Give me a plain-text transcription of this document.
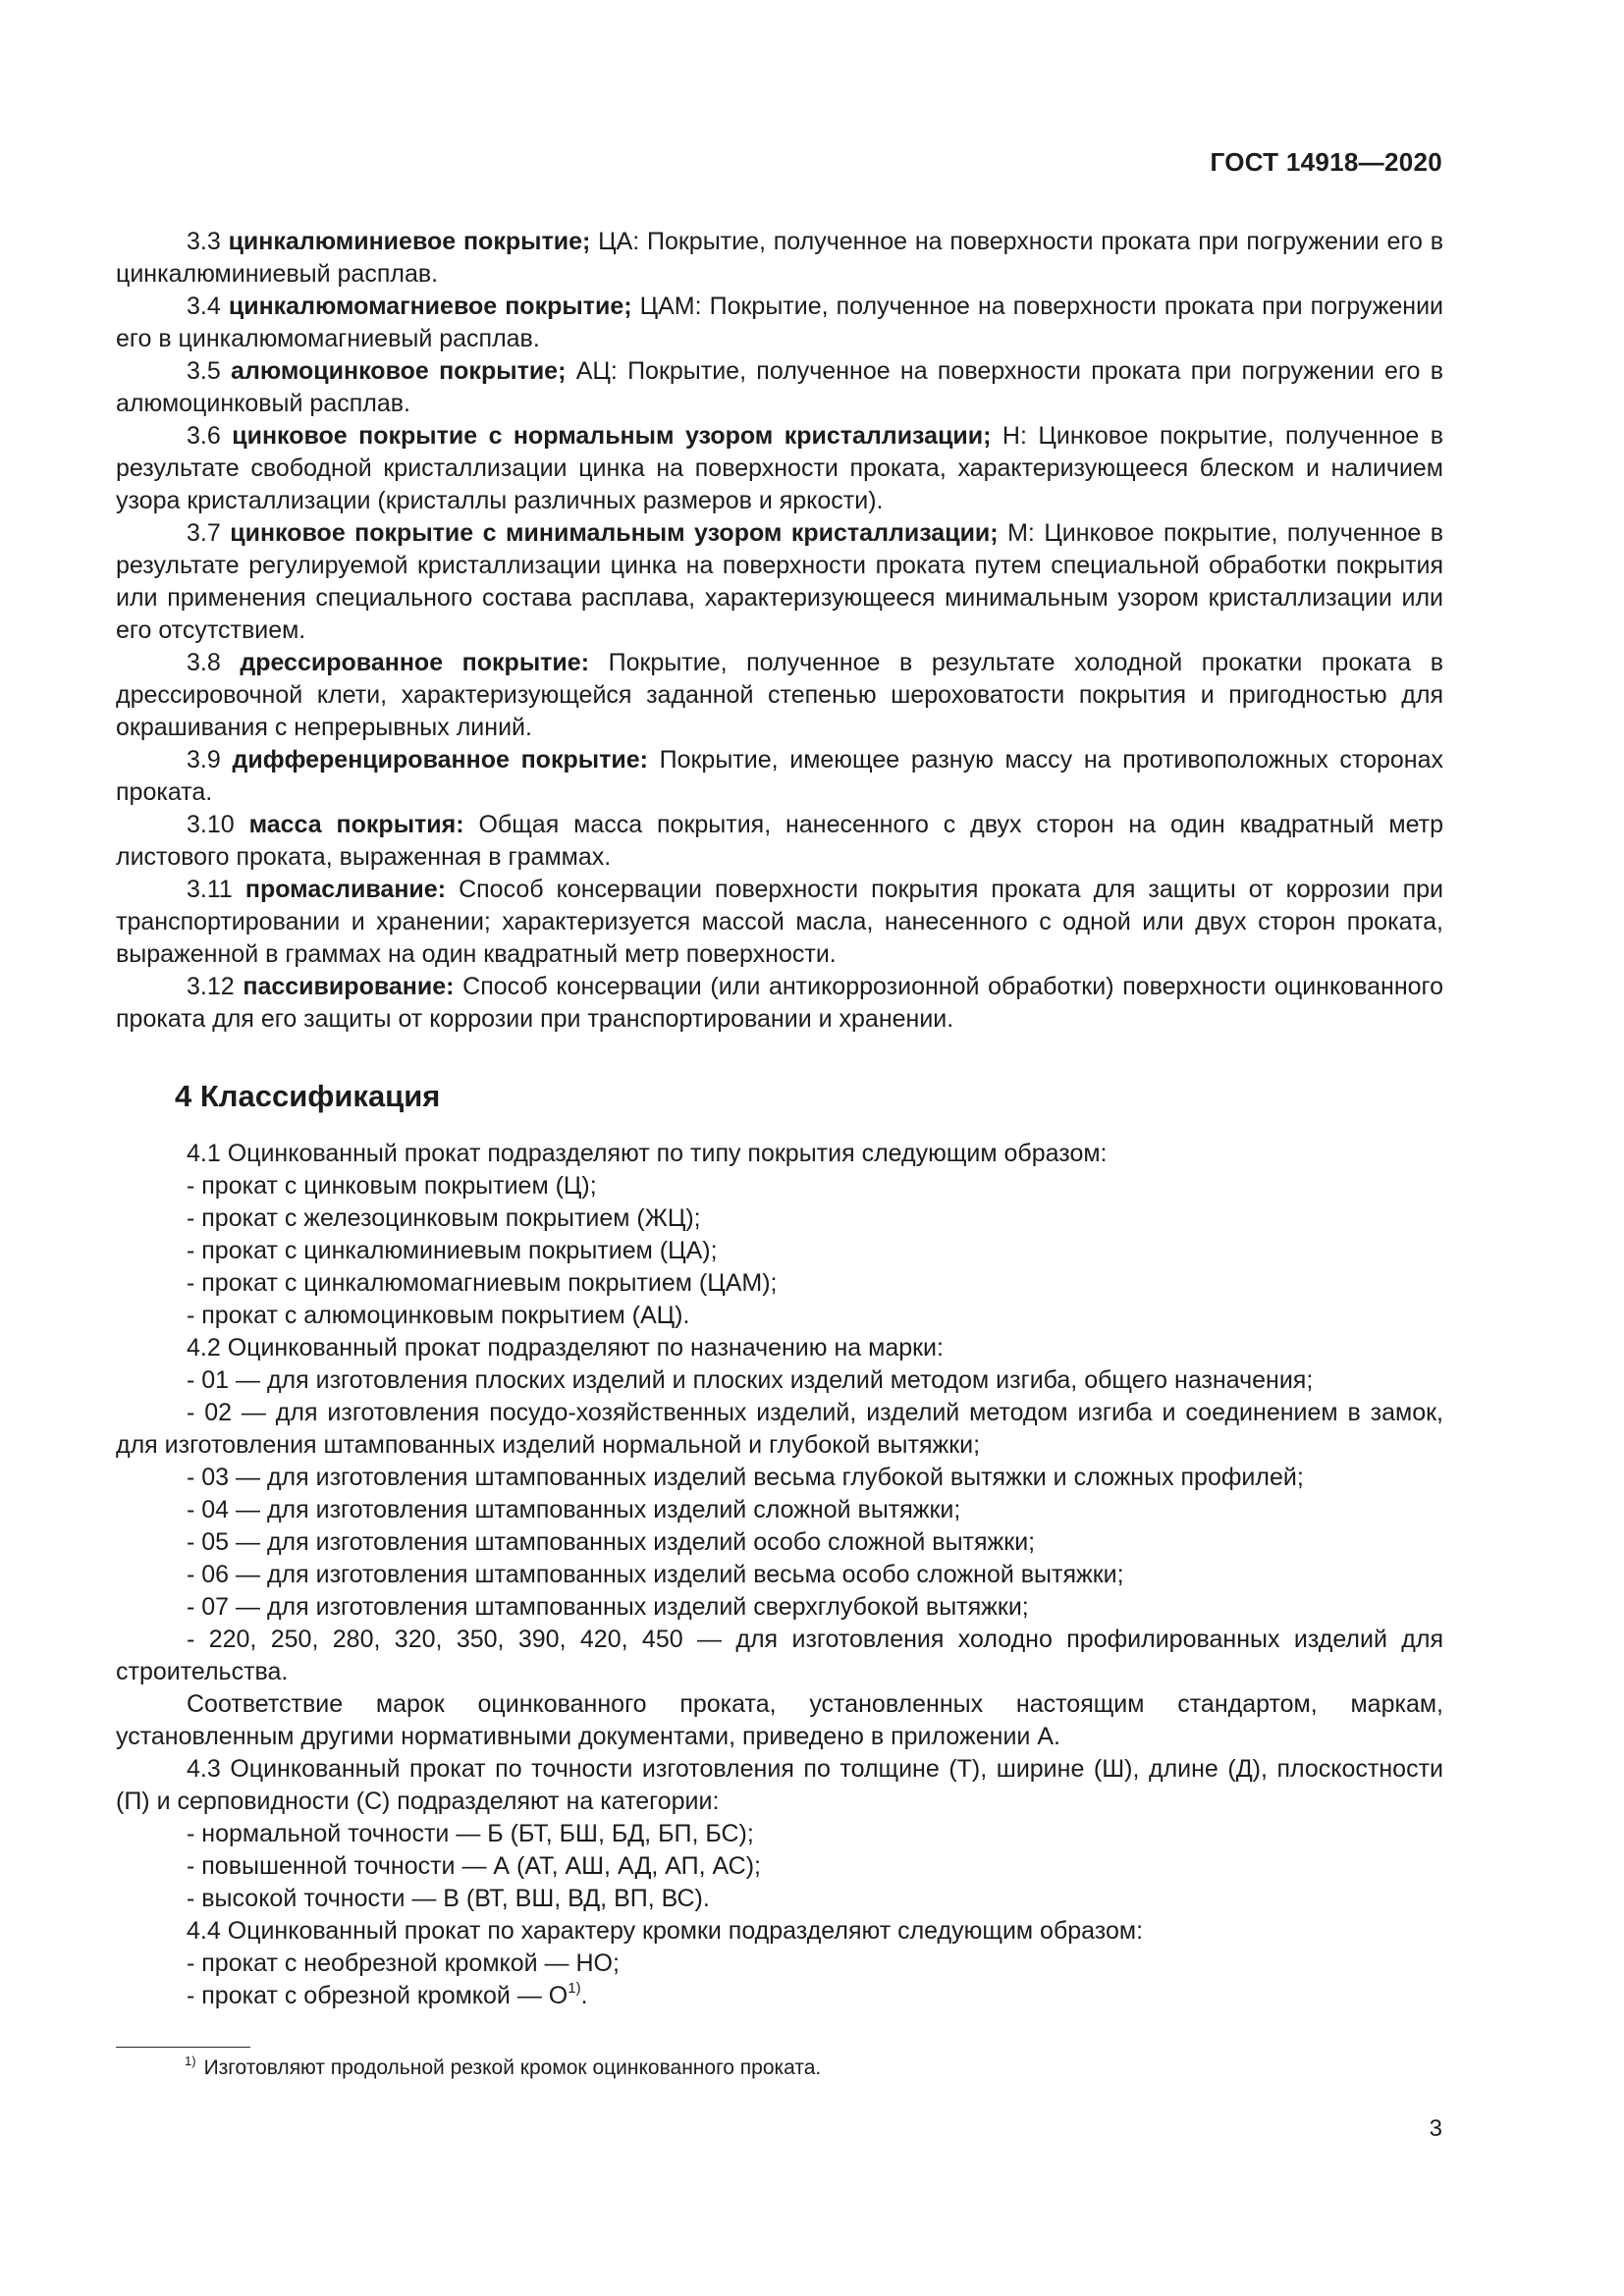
ГОСТ 14918—2020

3.3 цинкалюминиевое покрытие; ЦА: Покрытие, полученное на поверхности проката при погружении его в цинкалюминиевый расплав.

3.4 цинкалюмомагниевое покрытие; ЦАМ: Покрытие, полученное на поверхности проката при погружении его в цинкалюмомагниевый расплав.

3.5 алюмоцинковое покрытие; АЦ: Покрытие, полученное на поверхности проката при погружении его в алюмоцинковый расплав.

3.6 цинковое покрытие с нормальным узором кристаллизации; Н: Цинковое покрытие, полученное в результате свободной кристаллизации цинка на поверхности проката, характеризующееся блеском и наличием узора кристаллизации (кристаллы различных размеров и яркости).

3.7 цинковое покрытие с минимальным узором кристаллизации; М: Цинковое покрытие, полученное в результате регулируемой кристаллизации цинка на поверхности проката путем специальной обработки покрытия или применения специального состава расплава, характеризующееся минимальным узором кристаллизации или его отсутствием.

3.8 дрессированное покрытие: Покрытие, полученное в результате холодной прокатки проката в дрессировочной клети, характеризующейся заданной степенью шероховатости покрытия и пригодностью для окрашивания с непрерывных линий.

3.9 дифференцированное покрытие: Покрытие, имеющее разную массу на противоположных сторонах проката.

3.10 масса покрытия: Общая масса покрытия, нанесенного с двух сторон на один квадратный метр листового проката, выраженная в граммах.

3.11 промасливание: Способ консервации поверхности покрытия проката для защиты от коррозии при транспортировании и хранении; характеризуется массой масла, нанесенного с одной или двух сторон проката, выраженной в граммах на один квадратный метр поверхности.

3.12 пассивирование: Способ консервации (или антикоррозионной обработки) поверхности оцинкованного проката для его защиты от коррозии при транспортировании и хранении.

4 Классификация

4.1 Оцинкованный прокат подразделяют по типу покрытия следующим образом:

- прокат с цинковым покрытием (Ц);

- прокат с железоцинковым покрытием (ЖЦ);

- прокат с цинкалюминиевым покрытием (ЦА);

- прокат с цинкалюмомагниевым покрытием (ЦАМ);

- прокат с алюмоцинковым покрытием (АЦ).

4.2 Оцинкованный прокат подразделяют по назначению на марки:

- 01 — для изготовления плоских изделий и плоских изделий методом изгиба, общего назначения;

- 02 — для изготовления посудо-хозяйственных изделий, изделий методом изгиба и соединением в замок, для изготовления штампованных изделий нормальной и глубокой вытяжки;

- 03 — для изготовления штампованных изделий весьма глубокой вытяжки и сложных профилей;

- 04 — для изготовления штампованных изделий сложной вытяжки;

- 05 — для изготовления штампованных изделий особо сложной вытяжки;

- 06 — для изготовления штампованных изделий весьма особо сложной вытяжки;

- 07 — для изготовления штампованных изделий сверхглубокой вытяжки;

- 220, 250, 280, 320, 350, 390, 420, 450 — для изготовления холодно профилированных изделий для строительства.

Соответствие марок оцинкованного проката, установленных настоящим стандартом, маркам, установленным другими нормативными документами, приведено в приложении А.

4.3 Оцинкованный прокат по точности изготовления по толщине (Т), ширине (Ш), длине (Д), плоскостности (П) и серповидности (С) подразделяют на категории:

- нормальной точности — Б (БТ, БШ, БД, БП, БС);

- повышенной точности — А (АТ, АШ, АД, АП, АС);

- высокой точности — В (ВТ, ВШ, ВД, ВП, ВС).

4.4 Оцинкованный прокат по характеру кромки подразделяют следующим образом:

- прокат с необрезной кромкой — НО;

- прокат с обрезной кромкой — $О^{1)}$.

$^{1)}$ Изготовляют продольной резкой кромок оцинкованного проката.
3
